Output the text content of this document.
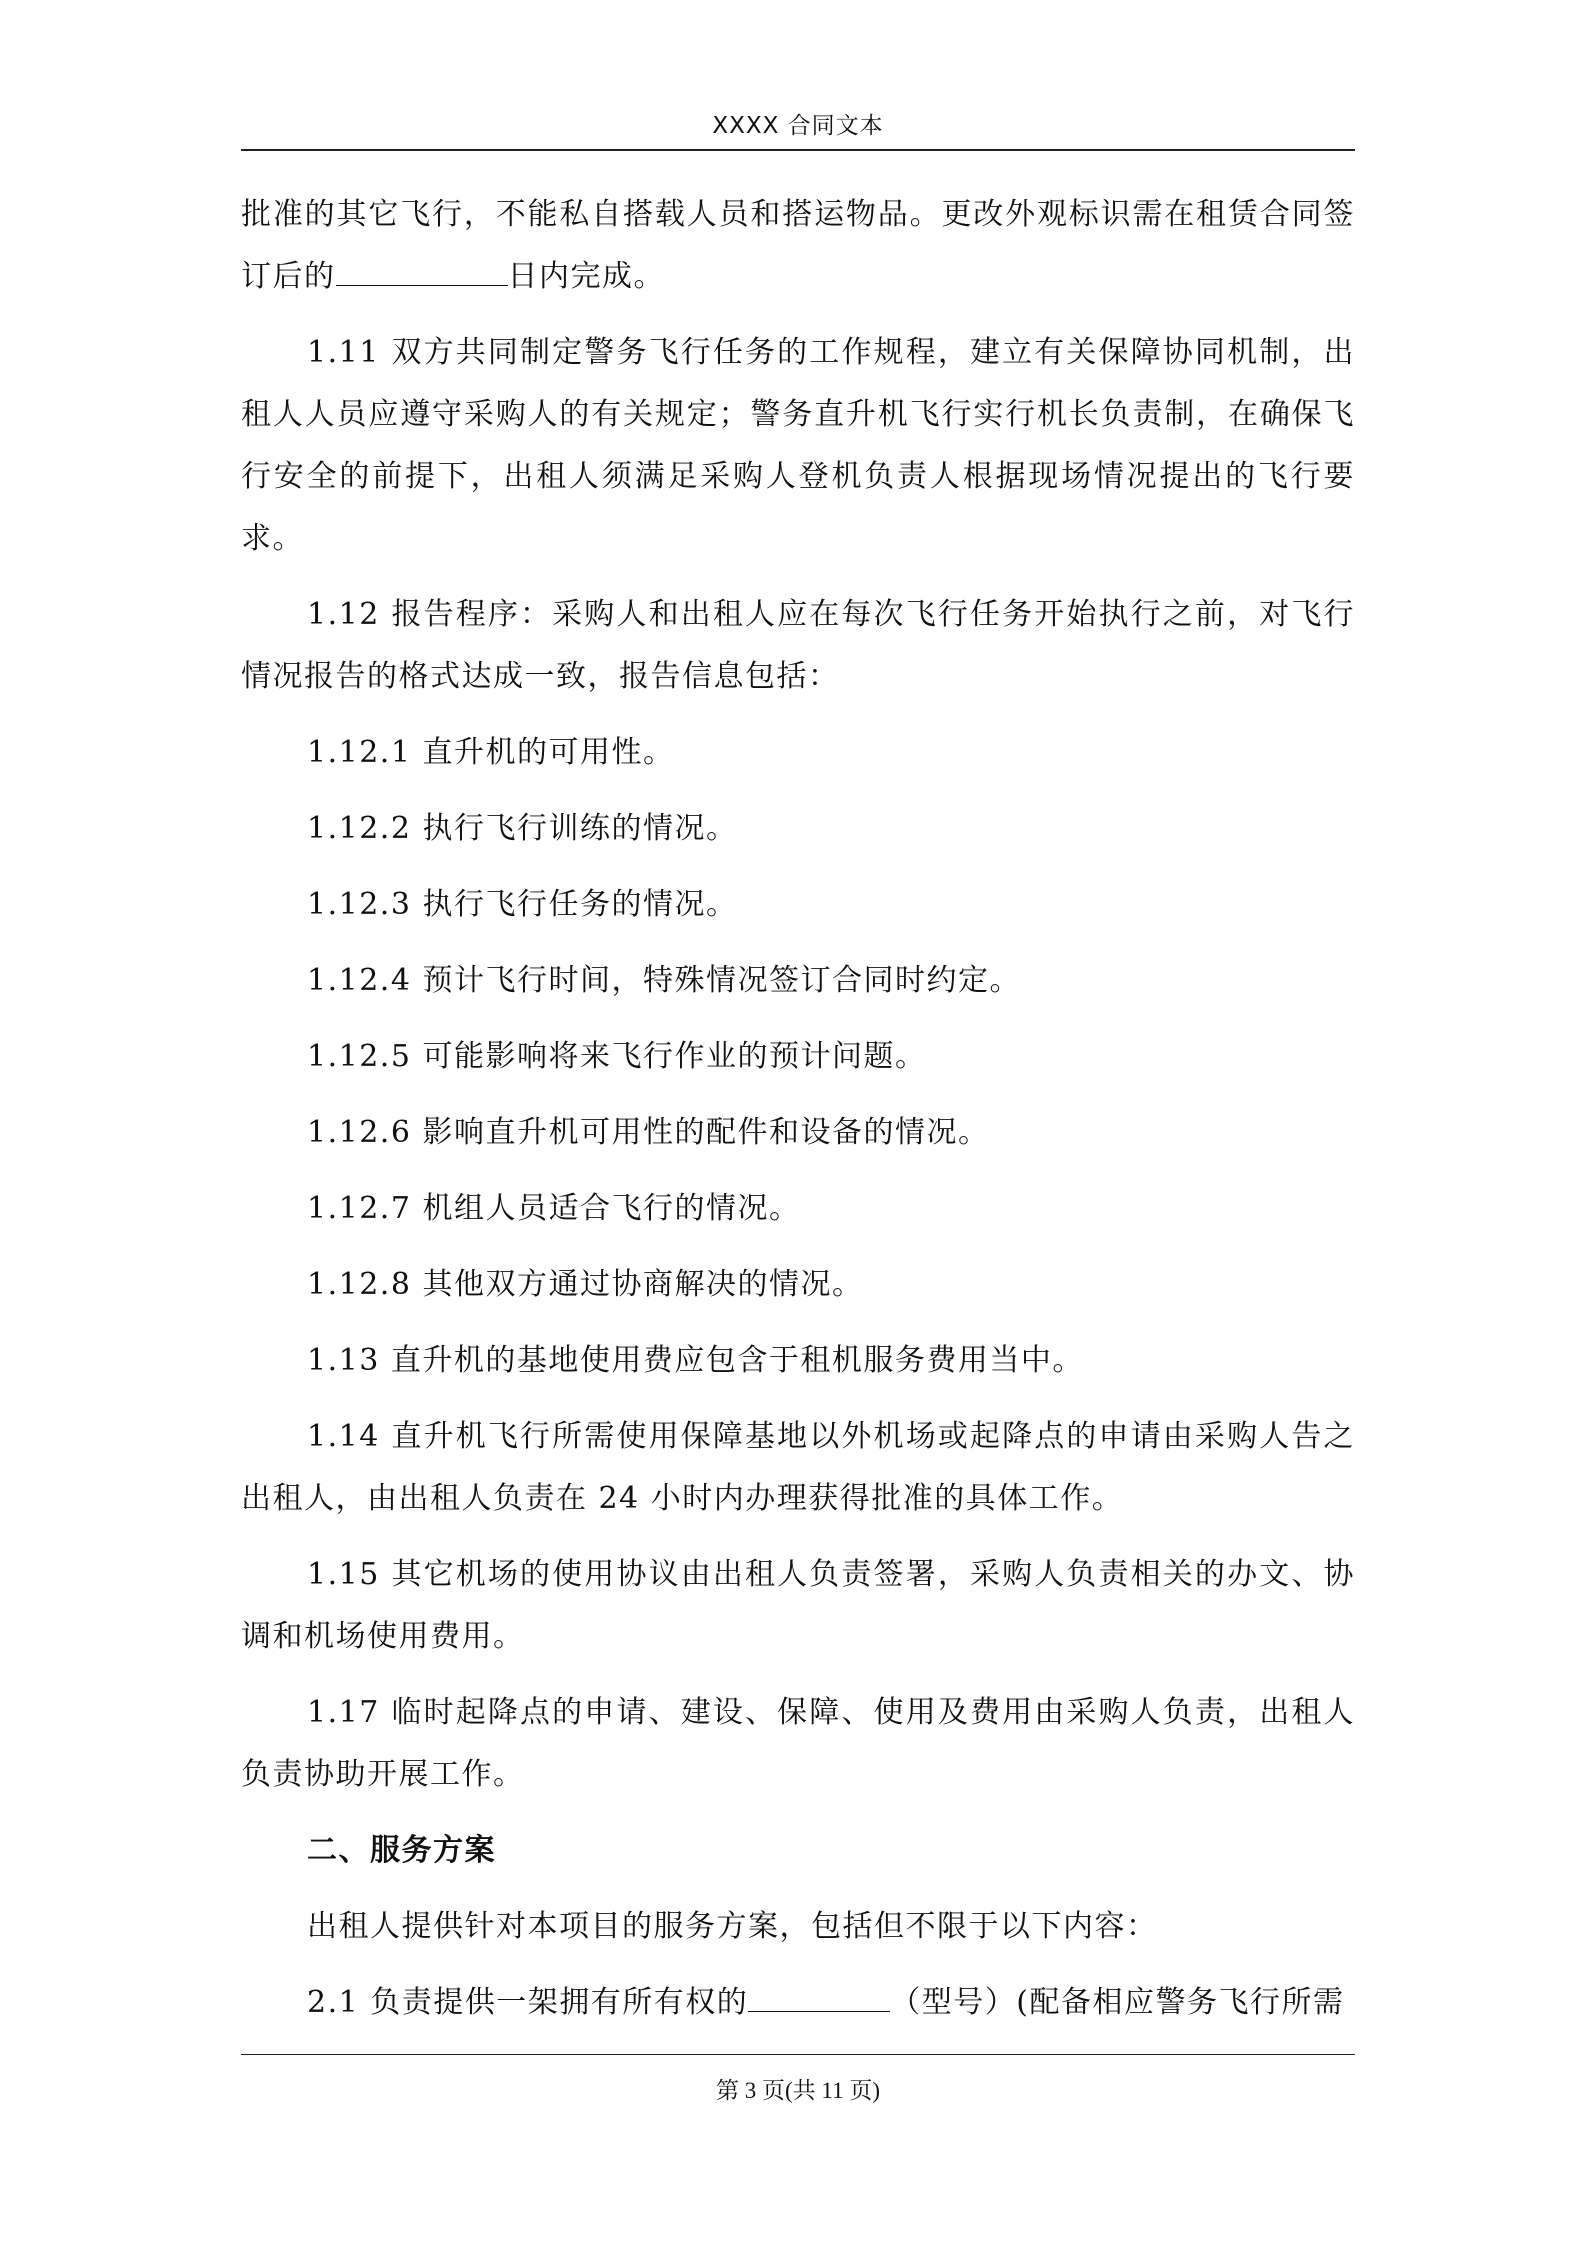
XXXX 合同文本

批准的其它飞行，不能私自搭载人员和搭运物品。更改外观标识需在租赁合同签订后的	日内完成。

1.11 双方共同制定警务飞行任务的工作规程，建立有关保障协同机制，出租人人员应遵守采购人的有关规定；警务直升机飞行实行机长负责制，在确保飞行安全的前提下，出租人须满足采购人登机负责人根据现场情况提出的飞行要求。

1.12 报告程序：采购人和出租人应在每次飞行任务开始执行之前，对飞行情况报告的格式达成一致，报告信息包括：

1.12.1 直升机的可用性。

1.12.2 执行飞行训练的情况。

1.12.3 执行飞行任务的情况。

1.12.4 预计飞行时间，特殊情况签订合同时约定。

1.12.5 可能影响将来飞行作业的预计问题。

1.12.6 影响直升机可用性的配件和设备的情况。

1.12.7 机组人员适合飞行的情况。

1.12.8 其他双方通过协商解决的情况。

1.13 直升机的基地使用费应包含于租机服务费用当中。

1.14 直升机飞行所需使用保障基地以外机场或起降点的申请由采购人告之出租人，由出租人负责在 24 小时内办理获得批准的具体工作。

1.15 其它机场的使用协议由出租人负责签署，采购人负责相关的办文、协调和机场使用费用。

1.17 临时起降点的申请、建设、保障、使用及费用由采购人负责，出租人负责协助开展工作。

二、服务方案

出租人提供针对本项目的服务方案，包括但不限于以下内容：

2.1 负责提供一架拥有所有权的	（型号）(配备相应警务飞行所需

第 3 页(共 11 页)
